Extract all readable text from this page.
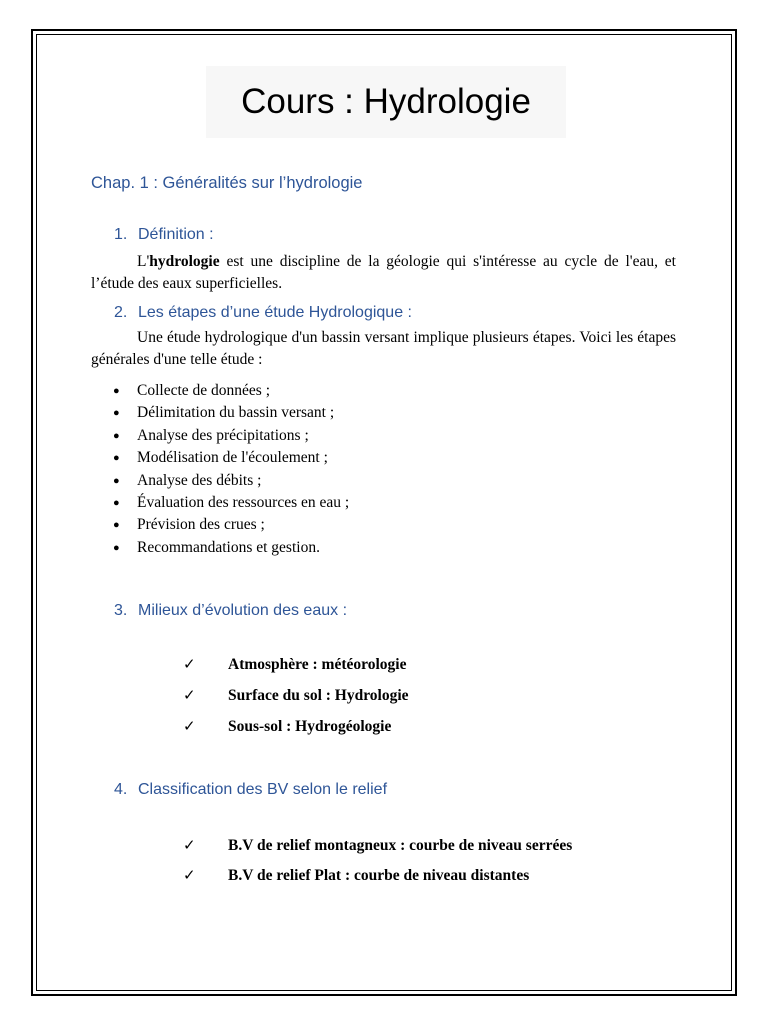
Cours : Hydrologie
Chap. 1 : Généralités sur l’hydrologie
1. Définition :
L'hydrologie est une discipline de la géologie qui s'intéresse au cycle de l'eau, et l’étude des eaux superficielles.
2. Les étapes d’une étude Hydrologique :
Une étude hydrologique d'un bassin versant implique plusieurs étapes. Voici les étapes générales d'une telle étude :
● Collecte de données ;
● Délimitation du bassin versant ;
● Analyse des précipitations ;
● Modélisation de l'écoulement ;
● Analyse des débits ;
● Évaluation des ressources en eau ;
● Prévision des crues ;
● Recommandations et gestion.
3. Milieux d’évolution des eaux :
✓ Atmosphère : météorologie
✓ Surface du sol : Hydrologie
✓ Sous-sol : Hydrogéologie
4. Classification des BV selon le relief
✓ B.V de relief montagneux : courbe de niveau serrées
✓ B.V de relief Plat : courbe de niveau distantes
